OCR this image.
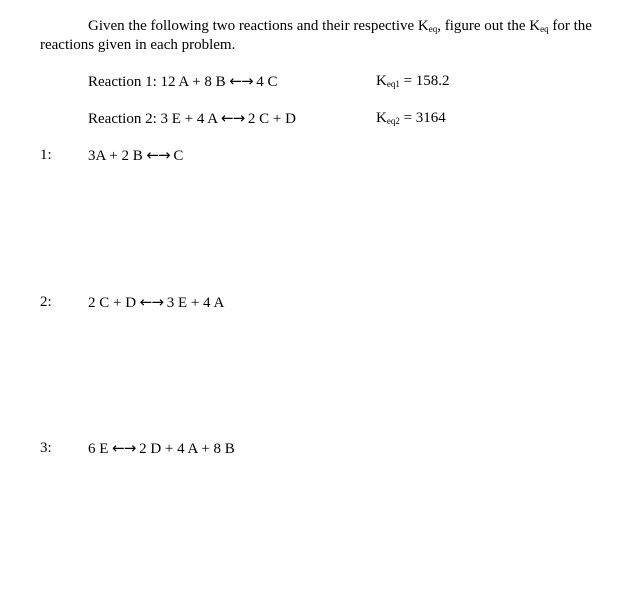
Given the following two reactions and their respective $K_{eq}$, figure out the $K_{eq}$ for the reactions given in each problem.
Reaction 1: 12 A + 8 B ←→ 4 C	$K_{eq1} = 158.2$
Reaction 2: 3 E + 4 A ←→ 2 C + D	$K_{eq2} = 3164$
1: 3A + 2 B ←→ C
2: 2 C + D ←→ 3 E + 4 A
3: 6 E ←→ 2 D + 4 A + 8 B
